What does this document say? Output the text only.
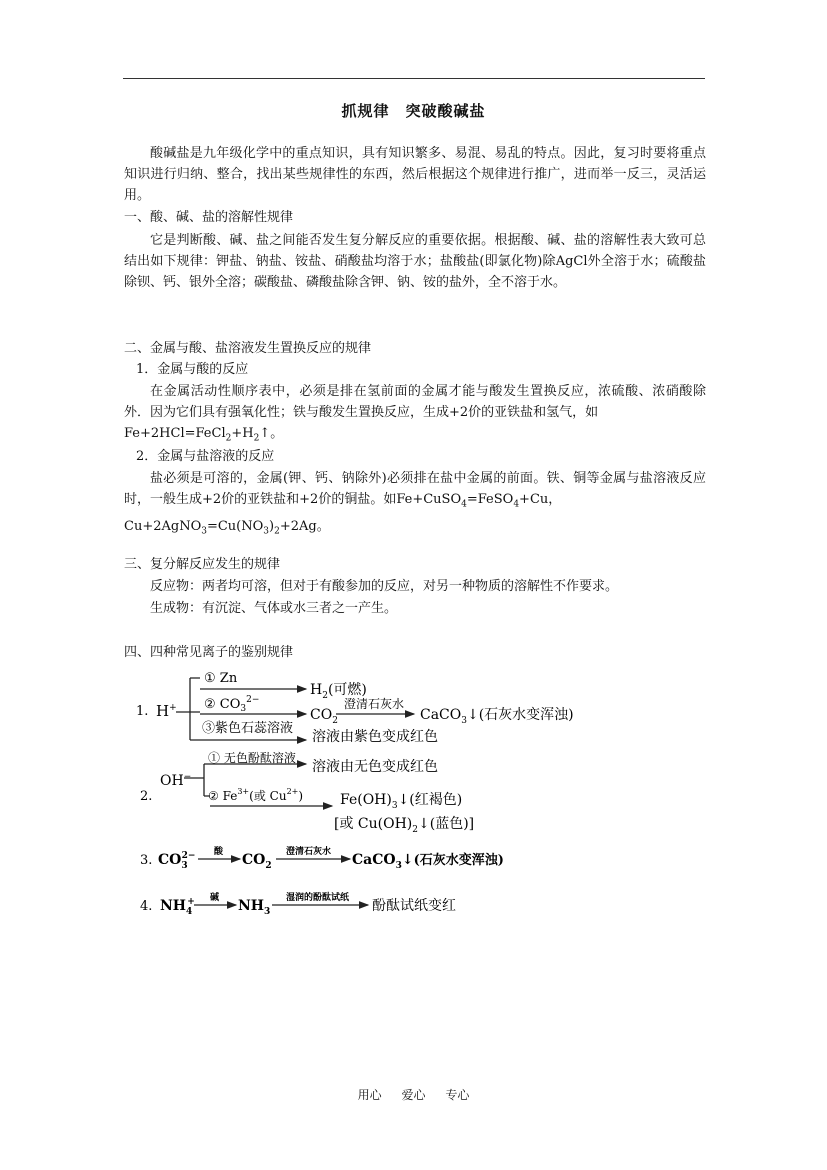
抓规律　突破酸碱盐
酸碱盐是九年级化学中的重点知识，具有知识繁多、易混、易乱的特点。因此，复习时要将重点知识进行归纳、整合，找出某些规律性的东西，然后根据这个规律进行推广，进而举一反三，灵活运用。
一、酸、碱、盐的溶解性规律
它是判断酸、碱、盐之间能否发生复分解反应的重要依据。根据酸、碱、盐的溶解性表大致可总结出如下规律：钾盐、钠盐、铵盐、硝酸盐均溶于水；盐酸盐(即氯化物)除AgCl外全溶于水；硫酸盐除钡、钙、银外全溶；碳酸盐、磷酸盐除含钾、钠、铵的盐外，全不溶于水。
二、金属与酸、盐溶液发生置换反应的规律
1．金属与酸的反应
在金属活动性顺序表中，必须是排在氢前面的金属才能与酸发生置换反应，浓硫酸、浓硝酸除外．因为它们具有强氧化性；铁与酸发生置换反应，生成+2价的亚铁盐和氢气，如
$Fe+2HCl=FeCl_2+H_2↑$。
2．金属与盐溶液的反应
盐必须是可溶的，金属(钾、钙、钠除外)必须排在盐中金属的前面。铁、铜等金属与盐溶液反应时，一般生成+2价的亚铁盐和+2价的铜盐。如Fe+CuSO$_4$=FeSO$_4$+Cu，
$Cu+2AgNO_3=Cu(NO_3)_2+2Ag$。
三、复分解反应发生的规律
反应物：两者均可溶，但对于有酸参加的反应，对另一种物质的溶解性不作要求。
生成物：有沉淀、气体或水三者之一产生。
四、四种常见离子的鉴别规律
1. H+
① Zn
$H_2$(可燃)
② $CO_3^{2-}$
$CO_2$
澄清石灰水
CaCO$_3$↓(石灰水变浑浊)
③紫色石蕊溶液
溶液由紫色变成红色
OH−
2.
① 无色酚酞溶液
溶液由无色变成红色
② $Fe^{3+}$(或 $Cu^{2+}$)	$Fe(OH)_3↓$(红褐色)
[或 $Cu(OH)_2↓$(蓝色)]
3. $CO_32-$ 酸 $CO_2$
澄清石灰水 CaCO$_3$↓(石灰水变浑浊)
4. $NH_4+$ 碱 $NH_3$
湿润的酚酞试纸 酚酞试纸变红
用心 爱心 专心
